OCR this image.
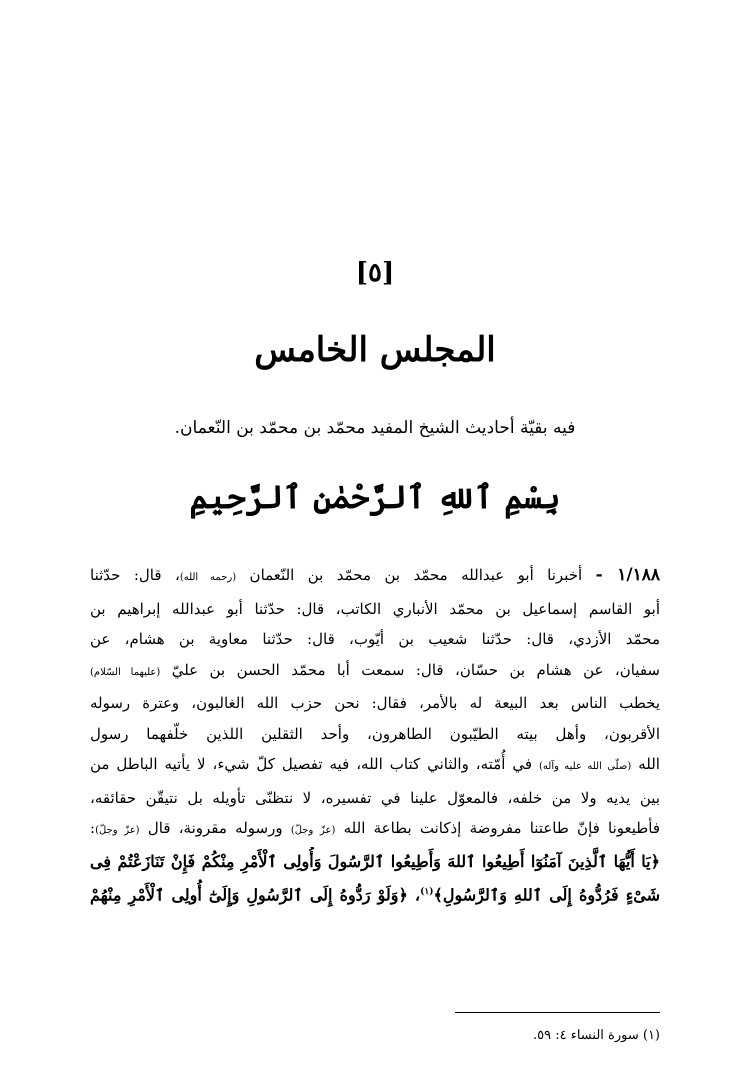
[٥]
المجلس الخامس
فيه بقيّة أحاديث الشيخ المفيد محمّد بن محمّد بن النّعمان.
بِسْمِ ٱللهِ ٱلرَّحْمٰنِ ٱلرَّحِيمِ
١/١٨٨ - أخبرنا أبو عبدالله محمّد بن محمّد بن النّعمان (رحمه الله)، قال: حدّثنا
أبو القاسم إسماعيل بن محمّد الأنباري الكاتب، قال: حدّثنا أبو عبدالله إبراهيم بن
محمّد الأزدي، قال: حدّثنا شعيب بن أيّوب، قال: حدّثنا معاوية بن هشام، عن
سفيان، عن هشام بن حسّان، قال: سمعت أبا محمّد الحسن بن عليّ (عليهما السّلام)
يخطب الناس بعد البيعة له بالأمر، فقال: نحن حزب الله الغالبون، وعترة رسوله
الأقربون، وأهل بيته الطيّبون الطاهرون، وأحد الثقلين اللذين خلّفهما رسول
الله (صلّى الله عليه وآله) في أُمّته، والثاني كتاب الله، فيه تفصيل كلّ شيء، لا يأتيه الباطل من
بين يديه ولا من خلفه، فالمعوّل علينا في تفسيره، لا نتظنّى تأويله بل نتيقّن حقائقه،
فأطيعونا فإنّ طاعتنا مفروضة إذكانت بطاعة الله (عزّ وجلّ) ورسوله مقرونة، قال (عزّ وجلّ):
﴿يَا أَيُّهَا ٱلَّذِينَ آمَنُوٓا أَطِيعُوا ٱللهَ وَأَطِيعُوا ٱلرَّسُولَ وَأُولِى ٱلْأَمْرِ مِنْكُمْ فَإِنْ تَنَازَعْتُمْ فِى
شَىْءٍ فَرُدُّوهُ إِلَى ٱللهِ وَٱلرَّسُولِ﴾$^{(١)}$، ﴿وَلَوْ رَدُّوهُ إِلَى ٱلرَّسُولِ وَإِلَىٰٓ أُولِى ٱلْأَمْرِ مِنْهُمْ
(١) سورة النساء ٤: ٥٩.
